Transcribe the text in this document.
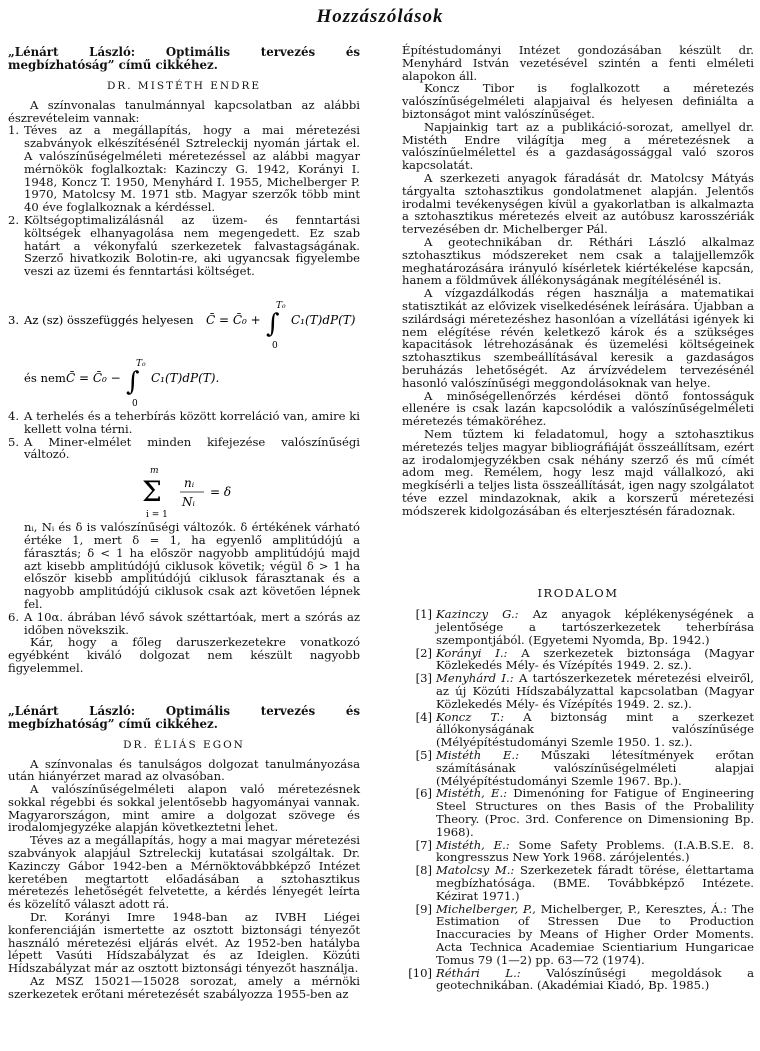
Hozzászólások

„Lénárt László: Optimális tervezés és megbízhatóság” című cikkéhez.

DR. MISTÉTH ENDRE

A színvonalas tanulmánnyal kapcsolatban az alábbi észrevételeim vannak:

1. Téves az a megállapítás, hogy a mai méretezési szabványok elkészítésénél Sztreleckij nyomán jártak el. A valószínűségelméleti méretezéssel az alábbi magyar mérnökök foglalkoztak: Kazinczy G. 1942, Korányi I. 1948, Koncz T. 1950, Menyhárd I. 1955, Michelberger P. 1970, Matolcsy M. 1971 stb. Magyar szerzők több mint 40 éve foglalkoznak a kérdéssel.
2. Költségoptimalizálásnál az üzem- és fenntartási költségek elhanyagolása nem megengedett. Ez szab határt a vékonyfalú szerkezetek falvastagságának. Szerző hivatkozik Bolotin-re, aki ugyancsak figyelembe veszi az üzemi és fenntartási költséget.
3. Az (sz) összefüggés helyesen C̄ = C̄₀ + ∫
T₀
0
C₁(T)dP(T)
és nem C̄ = C̄₀ − ∫
T₀
0
C₁(T)dP(T).
4. A terhelés és a teherbírás között korreláció van, amire ki kellett volna térni.
5. A Miner-elmélet minden kifejezése valószínűségi változó.
m
Σ
i = 1
nᵢ
Nᵢ
= δ

nᵢ, Nᵢ és δ is valószínűségi változók. δ értékének várható értéke 1, mert δ = 1, ha egyenlő amplitúdójú a fárasztás; δ < 1 ha először nagyobb amplitúdójú majd azt kisebb amplitúdójú ciklusok követik; végül δ > 1 ha először kisebb amplitúdójú ciklusok fárasztanak és a nagyobb amplitúdójú ciklusok csak azt követően lépnek fel.

6. A 10α. ábrában lévő sávok széttartóak, mert a szórás az időben növekszik.

Kár, hogy a főleg daruszerkezetekre vonatkozó egyébként kiváló dolgozat nem készült nagyobb figyelemmel.

„Lénárt László: Optimális tervezés és megbízhatóság” című cikkéhez.

DR. ÉLIÁS EGON

A színvonalas és tanulságos dolgozat tanulmányozása után hiányérzet marad az olvasóban.

A valószínűségelméleti alapon való méretezésnek sokkal régebbi és sokkal jelentősebb hagyományai vannak. Magyarországon, mint amire a dolgozat szövege és irodalomjegyzéke alapján következtetni lehet.

Téves az a megállapítás, hogy a mai magyar méretezési szabványok alapjául Sztreleckij kutatásai szolgáltak. Dr. Kazinczy Gábor 1942-ben a Mérnöktovábbképző Intézet keretében megtartott előadásában a sztohasztikus méretezés lehetőségét felvetette, a kérdés lényegét leírta és közelítő választ adott rá.

Dr. Korányi Imre 1948-ban az IVBH Liégei konferenciáján ismertette az osztott biztonsági tényezőt használó méretezési eljárás elvét. Az 1952-ben hatályba lépett Vasúti Hídszabályzat és az Ideiglen. Közúti Hídszabályzat már az osztott biztonsági tényezőt használja.

Az MSZ 15021—15028 sorozat, amely a mérnöki szerkezetek erőtani méretezését szabályozza 1955-ben az

Építéstudományi Intézet gondozásában készült dr. Menyhárd István vezetésével szintén a fenti elméleti alapokon áll.

Koncz Tibor is foglalkozott a méretezés valószínűségelméleti alapjaival és helyesen definiálta a biztonságot mint valószínűséget.

Napjainkig tart az a publikáció-sorozat, amellyel dr. Mistéth Endre világítja meg a méretezésnek a valószínűelmélettel és a gazdaságossággal való szoros kapcsolatát.

A szerkezeti anyagok fáradását dr. Matolcsy Mátyás tárgyalta sztohasztikus gondolatmenet alapján. Jelentős irodalmi tevékenységen kívül a gyakorlatban is alkalmazta a sztohasztikus méretezés elveit az autóbusz karosszériák tervezésében dr. Michelberger Pál.

A geotechnikában dr. Réthári László alkalmaz sztohasztikus módszereket nem csak a talajjellemzők meghatározására irányuló kísérletek kiértékelése kapcsán, hanem a földművek állékonyságának megítélésénél is.

A vízgazdálkodás régen használja a matematikai statisztikát az elővizek viselkedésének leírására. Újabban a szilárdsági méretezéshez hasonlóan a vízellátási igények ki nem elégítése révén keletkező károk és a szükséges kapacitások létrehozásának és üzemelési költségeinek sztohasztikus szembeállításával keresik a gazdaságos beruházás lehetőségét. Az árvízvédelem tervezésénél hasonló valószínűségi meggondolásoknak van helye.

A minőségellenőrzés kérdései döntő fontosságuk ellenére is csak lazán kapcsolódik a valószínűségelméleti méretezés témaköréhez.

Nem tűztem ki feladatomul, hogy a sztohasztikus méretezés teljes magyar bibliográfiáját összeállítsam, ezért az irodalomjegyzékben csak néhány szerző és mű címét adom meg. Remélem, hogy lesz majd vállalkozó, aki megkísérli a teljes lista összeállítását, igen nagy szolgálatot téve ezzel mindazoknak, akik a korszerű méretezési módszerek kidolgozásában és elterjesztésén fáradoznak.

IRODALOM

[1] Kazinczy G.: Az anyagok képlékenységének a jelentősége a tartószerkezetek teherbírása szempontjából. (Egyetemi Nyomda, Bp. 1942.)
[2] Korányi I.: A szerkezetek biztonsága (Magyar Közlekedés Mély- és Vízépítés 1949. 2. sz.).
[3] Menyhárd I.: A tartószerkezetek méretezési elveiről, az új Közúti Hídszabályzattal kapcsolatban (Magyar Közlekedés Mély- és Vízépítés 1949. 2. sz.).
[4] Koncz T.: A biztonság mint a szerkezet állókonyságának valószínűsége (Mélyépítéstudományi Szemle 1950. 1. sz.).
[5] Mistéth E.: Műszaki létesítmények erőtan számításának valószínűségelméleti alapjai (Mélyépítéstudományi Szemle 1967. Bp.).
[6] Mistéth, E.: Dimenóning for Fatigue of Engineering Steel Structures on thes Basis of the Probalility Theory. (Proc. 3rd. Conference on Dimensioning Bp. 1968).
[7] Mistéth, E.: Some Safety Problems. (I.A.B.S.E. 8. kongresszus New York 1968. zárójelentés.)
[8] Matolcsy M.: Szerkezetek fáradt törése, élettartama megbízhatósága. (BME. Továbbképző Intézete. Kézirat 1971.)
[9] Michelberger, P., Michelberger, P., Keresztes, Á.: The Estimation of Stressen Due to Production Inaccuracies by Means of Higher Order Moments. Acta Technica Academiae Scientiarium Hungaricae Tomus 79 (1—2) pp. 63—72 (1974).
[10] Réthári L.: Valószínűségi megoldások a geotechnikában. (Akadémiai Kiadó, Bp. 1985.)
